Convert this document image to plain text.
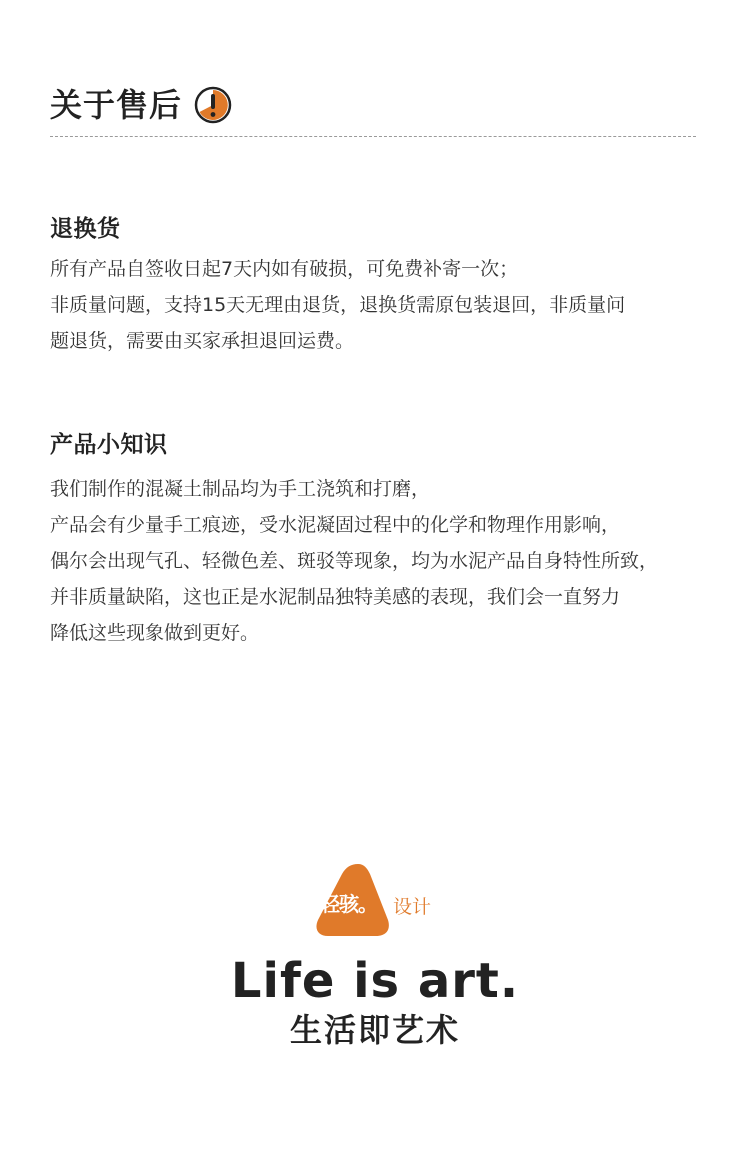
关于售后
退换货

所有产品自签收日起7天内如有破损，可免费补寄一次；

非质量问题，支持15天无理由退货，退换货需原包装退回，非质量问

题退货，需要由买家承担退回运费。

产品小知识

我们制作的混凝土制品均为手工浇筑和打磨，

产品会有少量手工痕迹，受水泥凝固过程中的化学和物理作用影响，

偶尔会出现气孔、轻微色差、斑驳等现象，均为水泥产品自身特性所致，

并非质量缺陷，这也正是水泥制品独特美感的表现，我们会一直努力

降低这些现象做到更好。

轻骇。 设计
Life is art.
生活即艺术
